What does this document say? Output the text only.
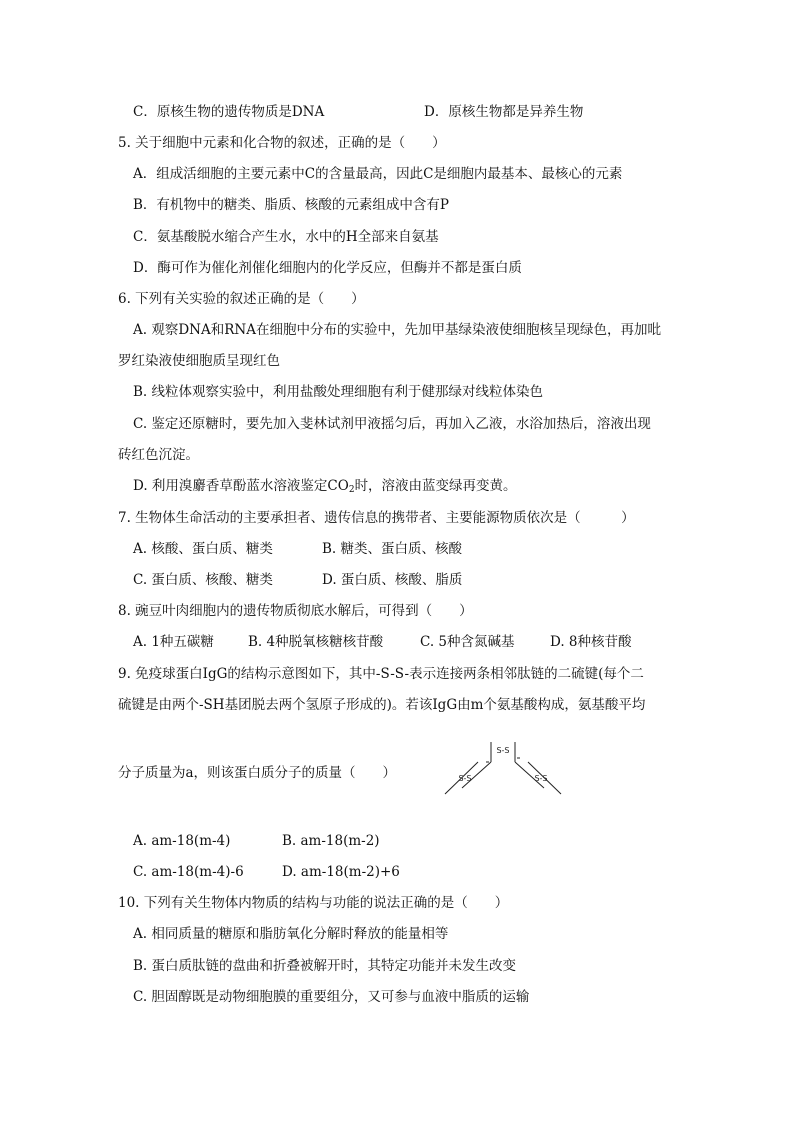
C．原核生物的遗传物质是DNA	D．原核生物都是异养生物
5. 关于细胞中元素和化合物的叙述，正确的是（　　）
A．组成活细胞的主要元素中C的含量最高，因此C是细胞内最基本、最核心的元素
B．有机物中的糖类、脂质、核酸的元素组成中含有P
C．氨基酸脱水缩合产生水，水中的H全部来自氨基
D．酶可作为催化剂催化细胞内的化学反应，但酶并不都是蛋白质
6. 下列有关实验的叙述正确的是（　　）
A. 观察DNA和RNA在细胞中分布的实验中，先加甲基绿染液使细胞核呈现绿色，再加吡
罗红染液使细胞质呈现红色
B. 线粒体观察实验中，利用盐酸处理细胞有利于健那绿对线粒体染色
C. 鉴定还原糖时，要先加入斐林试剂甲液摇匀后，再加入乙液，水浴加热后，溶液出现
砖红色沉淀。
D. 利用溴麝香草酚蓝水溶液鉴定$CO_2$时，溶液由蓝变绿再变黄。
7. 生物体生命活动的主要承担者、遗传信息的携带者、主要能源物质依次是（　　　）
A. 核酸、蛋白质、糖类	B. 糖类、蛋白质、核酸
C. 蛋白质、核酸、糖类	D. 蛋白质、核酸、脂质
8. 豌豆叶肉细胞内的遗传物质彻底水解后，可得到（　　）
A. 1种五碳糖	B. 4种脱氧核糖核苷酸	C. 5种含氮碱基	D. 8种核苷酸
9. 免疫球蛋白IgG的结构示意图如下，其中-S-S-表示连接两条相邻肽链的二硫键(每个二
硫键是由两个-SH基团脱去两个氢原子形成的)。若该IgG由m个氨基酸构成，氨基酸平均
分子质量为a，则该蛋白质分子的质量（　　）
S-S
S-S	S-S
A. am-18(m-4)	B. am-18(m-2)
C. am-18(m-4)-6	D. am-18(m-2)+6
10. 下列有关生物体内物质的结构与功能的说法正确的是（　　）
A. 相同质量的糖原和脂肪氧化分解时释放的能量相等
B. 蛋白质肽链的盘曲和折叠被解开时，其特定功能并未发生改变
C. 胆固醇既是动物细胞膜的重要组分，又可参与血液中脂质的运输
